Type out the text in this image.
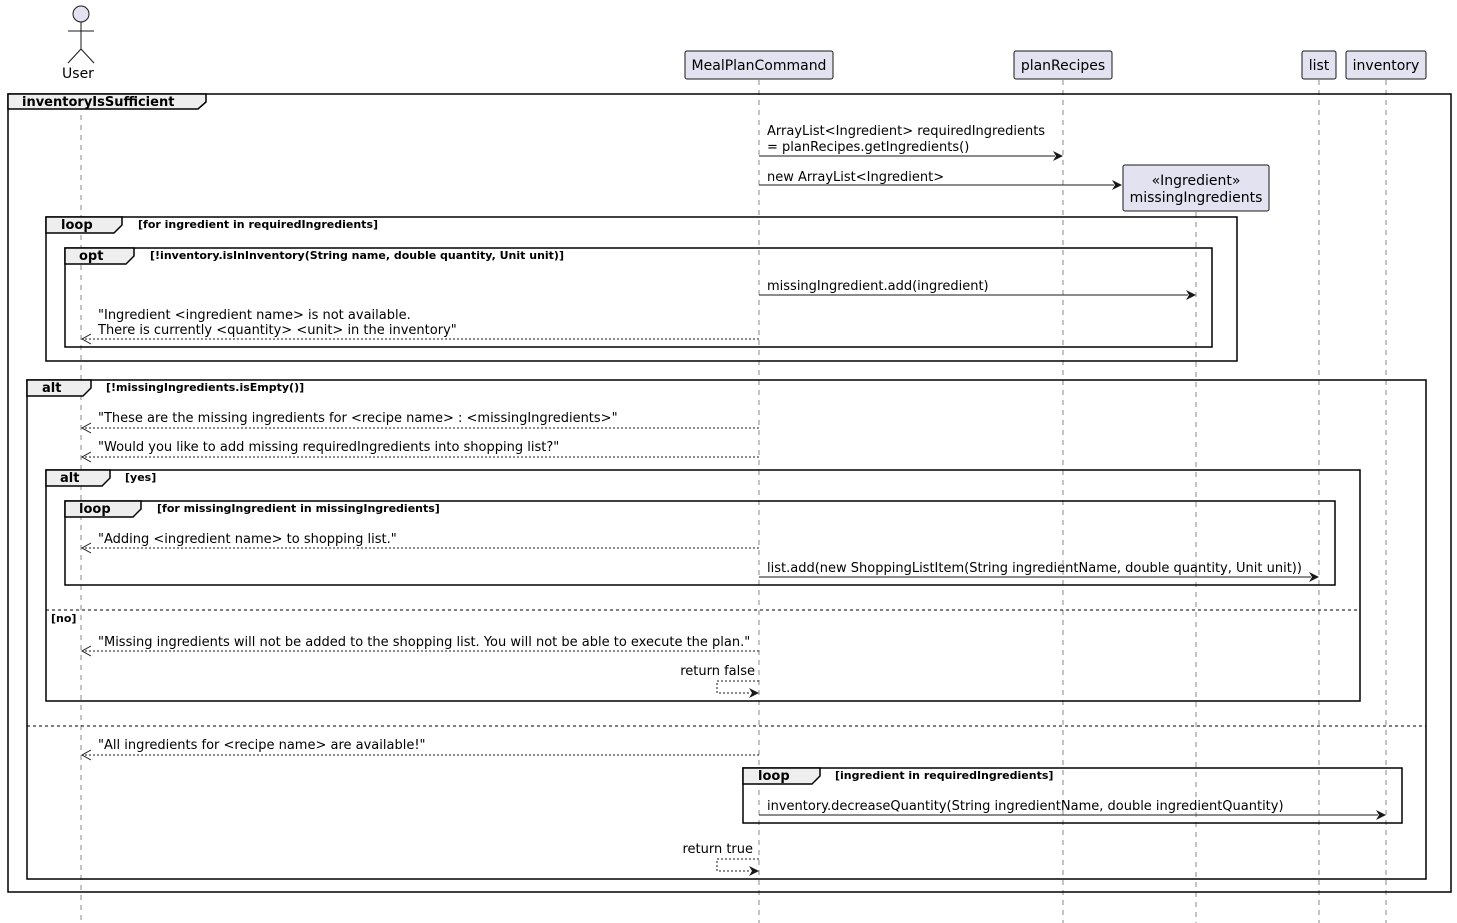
User	MealPlanCommand	planRecipes	list inventory
inventoryIsSufficient
ArrayList<Ingredient> requiredIngredients
= planRecipes.getIngredients()
new ArrayList<Ingredient>	«Ingredient»
missingIngredients
loop	[for ingredient in requiredIngredients]
opt	[!inventory.isInInventory(String name, double quantity, Unit unit)]
missingIngredient.add(ingredient)
"Ingredient <ingredient name> is not available.
There is currently <quantity> <unit> in the inventory"
alt	[!missingIngredients.isEmpty()]
"These are the missing ingredients for <recipe name> : <missingIngredients>"
"Would you like to add missing requiredIngredients into shopping list?"
alt	[yes]
loop	[for missingIngredient in missingIngredients]
"Adding <ingredient name> to shopping list."
list.add(new ShoppingListItem(String ingredientName, double quantity, Unit unit))
[no]
"Missing ingredients will not be added to the shopping list. You will not be able to execute the plan."
return false
"All ingredients for <recipe name> are available!"
loop	[ingredient in requiredIngredients]
inventory.decreaseQuantity(String ingredientName, double ingredientQuantity)
return true
